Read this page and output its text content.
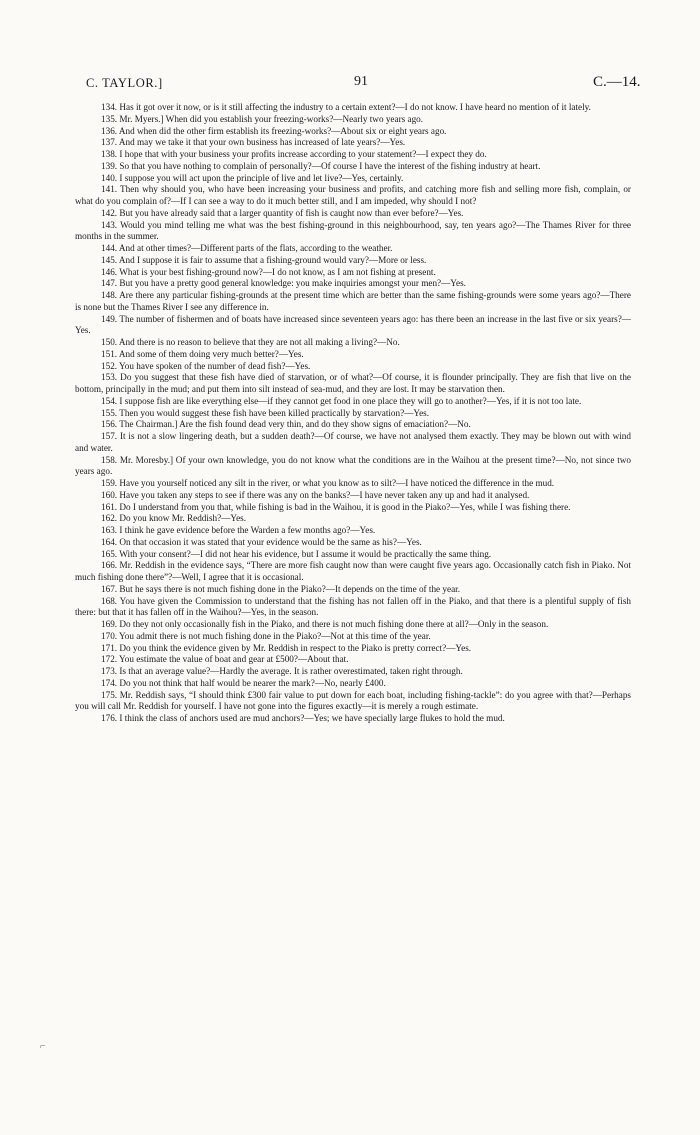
C. TAYLOR.]	91	C.—14.

134. Has it got over it now, or is it still affecting the industry to a certain extent?—I do not know. I have heard no mention of it lately.

135. Mr. Myers.] When did you establish your freezing-works?—Nearly two years ago.

136. And when did the other firm establish its freezing-works?—About six or eight years ago.

137. And may we take it that your own business has increased of late years?—Yes.

138. I hope that with your business your profits increase according to your statement?—I expect they do.

139. So that you have nothing to complain of personally?—Of course I have the interest of the fishing industry at heart.

140. I suppose you will act upon the principle of live and let live?—Yes, certainly.

141. Then why should you, who have been increasing your business and profits, and catching more fish and selling more fish, complain, or what do you complain of?—If I can see a way to do it much better still, and I am impeded, why should I not?

142. But you have already said that a larger quantity of fish is caught now than ever before?—Yes.

143. Would you mind telling me what was the best fishing-ground in this neighbourhood, say, ten years ago?—The Thames River for three months in the summer.

144. And at other times?—Different parts of the flats, according to the weather.

145. And I suppose it is fair to assume that a fishing-ground would vary?—More or less.

146. What is your best fishing-ground now?—I do not know, as I am not fishing at present.

147. But you have a pretty good general knowledge: you make inquiries amongst your men?—Yes.

148. Are there any particular fishing-grounds at the present time which are better than the same fishing-grounds were some years ago?—There is none but the Thames River I see any difference in.

149. The number of fishermen and of boats have increased since seventeen years ago: has there been an increase in the last five or six years?—Yes.

150. And there is no reason to believe that they are not all making a living?—No.

151. And some of them doing very much better?—Yes.

152. You have spoken of the number of dead fish?—Yes.

153. Do you suggest that these fish have died of starvation, or of what?—Of course, it is flounder principally. They are fish that live on the bottom, principally in the mud; and put them into silt instead of sea-mud, and they are lost. It may be starvation then.

154. I suppose fish are like everything else—if they cannot get food in one place they will go to another?—Yes, if it is not too late.

155. Then you would suggest these fish have been killed practically by starvation?—Yes.

156. The Chairman.] Are the fish found dead very thin, and do they show signs of emaciation?—No.

157. It is not a slow lingering death, but a sudden death?—Of course, we have not analysed them exactly. They may be blown out with wind and water.

158. Mr. Moresby.] Of your own knowledge, you do not know what the conditions are in the Waihou at the present time?—No, not since two years ago.

159. Have you yourself noticed any silt in the river, or what you know as to silt?—I have noticed the difference in the mud.

160. Have you taken any steps to see if there was any on the banks?—I have never taken any up and had it analysed.

161. Do I understand from you that, while fishing is bad in the Waihou, it is good in the Piako?—Yes, while I was fishing there.

162. Do you know Mr. Reddish?—Yes.

163. I think he gave evidence before the Warden a few months ago?—Yes.

164. On that occasion it was stated that your evidence would be the same as his?—Yes.

165. With your consent?—I did not hear his evidence, but I assume it would be practically the same thing.

166. Mr. Reddish in the evidence says, “There are more fish caught now than were caught five years ago. Occasionally catch fish in Piako. Not much fishing done there”?—Well, I agree that it is occasional.

167. But he says there is not much fishing done in the Piako?—It depends on the time of the year.

168. You have given the Commission to understand that the fishing has not fallen off in the Piako, and that there is a plentiful supply of fish there: but that it has fallen off in the Waihou?—Yes, in the season.

169. Do they not only occasionally fish in the Piako, and there is not much fishing done there at all?—Only in the season.

170. You admit there is not much fishing done in the Piako?—Not at this time of the year.

171. Do you think the evidence given by Mr. Reddish in respect to the Piako is pretty correct?—Yes.

172. You estimate the value of boat and gear at £500?—About that.

173. Is that an average value?—Hardly the average. It is rather overestimated, taken right through.

174. Do you not think that half would be nearer the mark?—No, nearly £400.

175. Mr. Reddish says, “I should think £300 fair value to put down for each boat, including fishing-tackle”: do you agree with that?—Perhaps you will call Mr. Reddish for yourself. I have not gone into the figures exactly—it is merely a rough estimate.

176. I think the class of anchors used are mud anchors?—Yes; we have specially large flukes to hold the mud.

⌐
